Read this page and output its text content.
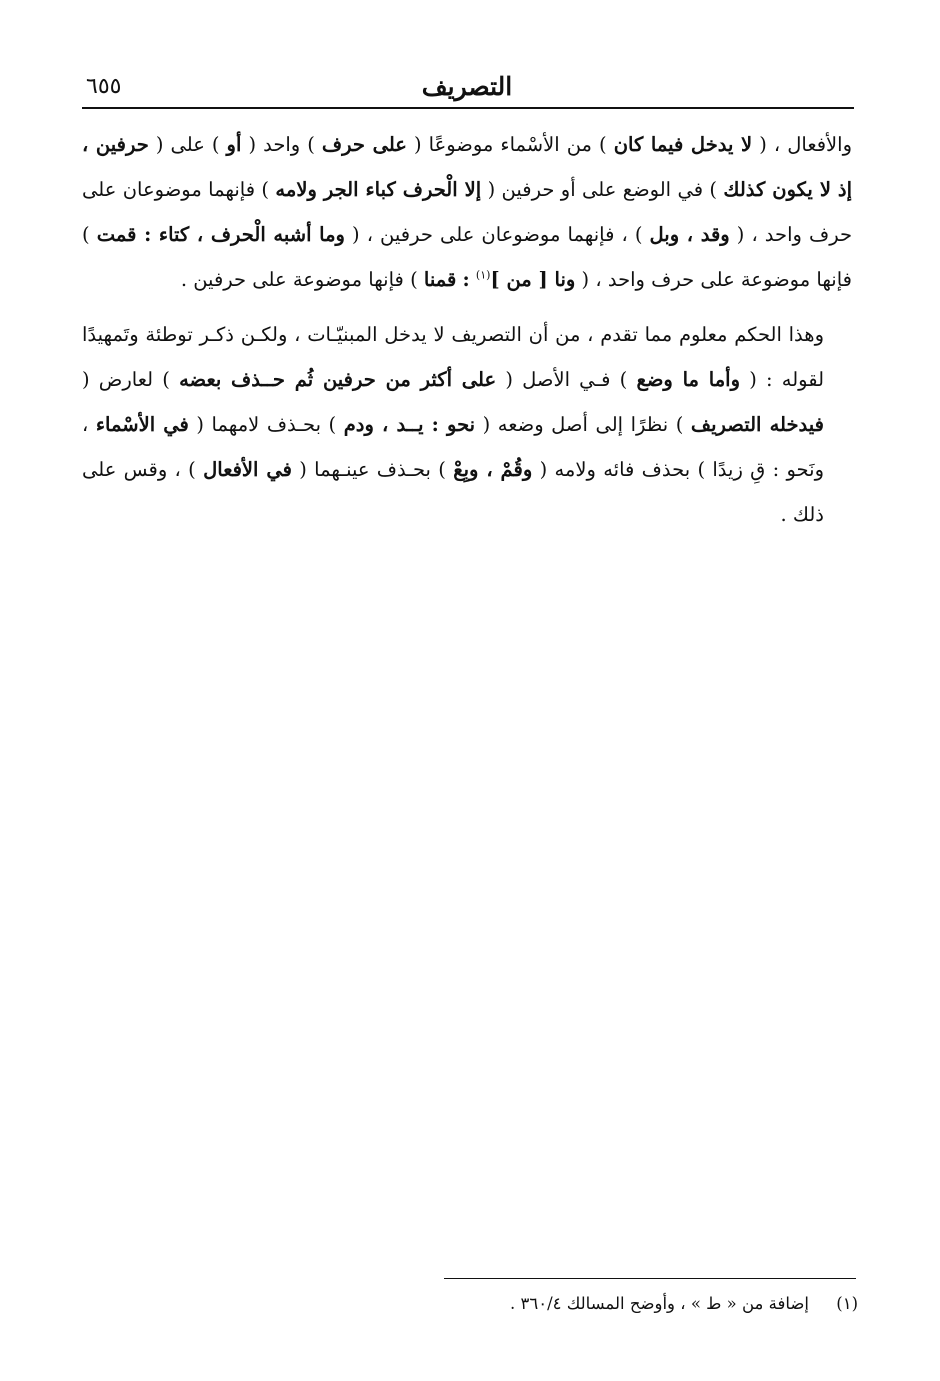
التصريف
٦٥٥

والأفعال ، ( لا يدخل فيما كان ) من الأسْماء موضوعًا ( على حرف ) واحد ( أو ) على ( حرفين ، إذ لا يكون كذلك ) في الوضع على أو حرفين ( إلا الْحرف كباء الجر ولامه ) فإنهما موضوعان على حرف واحد ، ( وقد ، وبل ) ، فإنهما موضوعان على حرفين ، ( وما أشبه الْحرف ، كتاء : قمت ) فإنها موضوعة على حرف واحد ، ( ونا [ من ]$^{(١)}$ : قمنا ) فإنها موضوعة على حرفين .

وهذا الحكم معلوم مما تقدم ، من أن التصريف لا يدخل المبنيّـات ، ولكـن ذكـر توطئة وتَمهيدًا لقوله : ( وأما ما وضع ) فـي الأصل ( على أكثر من حرفين ثُم حــذف بعضه ) لعارض ( فيدخله التصريف ) نظرًا إلى أصل وضعه ( نحو : يــد ، ودم ) بحـذف لامهما ( في الأسْماء ، ونَحو : قِ زيدًا ) بحذف فائه ولامه ( وقُمْ ، وبِعْ ) بحـذف عينـهما ( في الأفعال ) ، وقس على ذلك .

(١) إضافة من « ط » ، وأوضح المسالك ٣٦٠/٤ .
